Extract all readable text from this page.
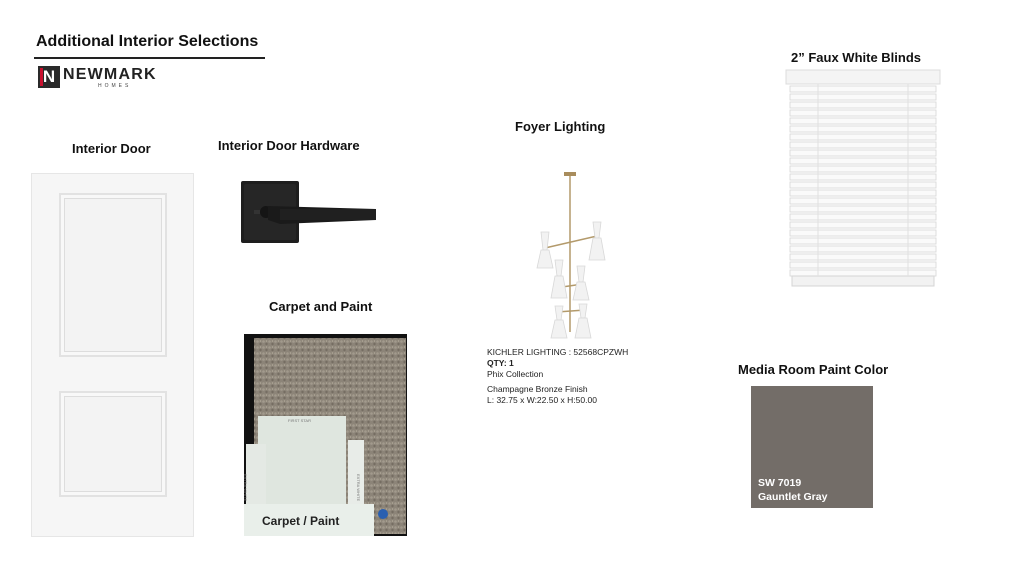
Additional Interior Selections
N NEWMARK
HOMES
Interior Door	Interior Door Hardware
Carpet and Paint
FIRST STAR
EXTRA WHITE	EXTRA WHITE
Carpet / Paint
Foyer Lighting
KICHLER LIGHTING : 52568CPZWH
QTY: 1
Phix Collection
Champagne Bronze Finish
L: 32.75 x W:22.50 x H:50.00
2” Faux White Blinds
Media Room Paint Color
SW 7019
Gauntlet Gray
